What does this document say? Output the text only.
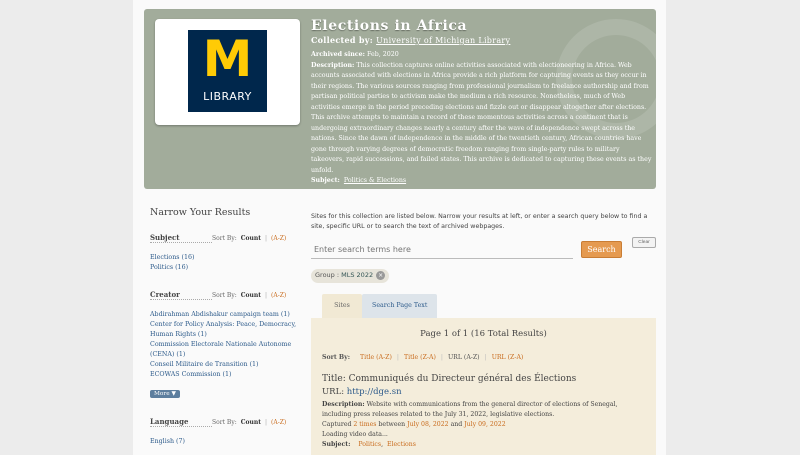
M
LIBRARY
Elections in Africa
Collected by: University of Michigan Library
Archived since: Feb, 2020
Description: This collection captures online activities associated with electioneering in Africa. Web accounts associated with elections in Africa provide a rich platform for capturing events as they occur in their regions. The various sources ranging from professional journalism to freelance authorship and from partisan political parties to activism make the medium a rich resource. Nonetheless, much of Web activities emerge in the period preceding elections and fizzle out or disappear altogether after elections. This archive attempts to maintain a record of these momentous activities across a continent that is undergoing extraordinary changes nearly a century after the wave of independence swept across the nations. Since the dawn of independence in the middle of the twentieth century, African countries have gone through varying degrees of democratic freedom ranging from single-party rules to military takeovers, rapid successions, and failed states. This archive is dedicated to capturing these events as they unfold.
Subject: Politics & Elections
Narrow Your Results
Subject	Sort By: Count | (A-Z)
Elections (16)
Politics (16)
Creator	Sort By: Count | (A-Z)
Abdirahman Abdishakur campaign team (1)
Center for Policy Analysis: Peace, Democracy, Human Rights (1)
Commission Electorale Nationale Autonome (CENA) (1)
Conseil Militaire de Transition (1)
ECOWAS Commission (1)
More ▼
Language	Sort By: Count | (A-Z)
English (7)
Sites for this collection are listed below. Narrow your results at left, or enter a search query below to find a site, specific URL or to search the text of archived webpages.
Enter search terms here
Search
Clear
Group :
MLS 2022 ×
Sites	Search Page Text
Page 1 of 1 (16 Total Results)
Sort By: Title (A-Z) | Title (Z-A) | URL (A-Z) | URL (Z-A)
Title: Communiqués du Directeur général des Élections
URL: http://dge.sn
Description: Website with communications from the general director of elections of Senegal, including press releases related to the July 31, 2022, legislative elections.
Captured 2 times between July 08, 2022 and July 09, 2022
Loading video data...
Subject: Politics,  Elections
